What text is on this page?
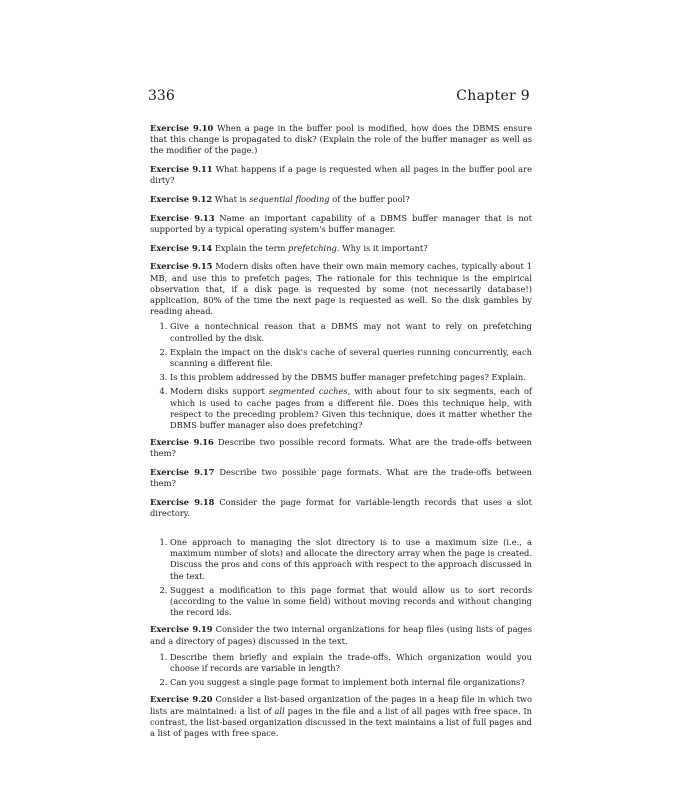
336	Chapter 9

Exercise 9.10 When a page in the buffer pool is modified, how does the DBMS ensure that this change is propagated to disk? (Explain the role of the buffer manager as well as the modifier of the page.)

Exercise 9.11 What happens if a page is requested when all pages in the buffer pool are dirty?

Exercise 9.12 What is sequential flooding of the buffer pool?

Exercise 9.13 Name an important capability of a DBMS buffer manager that is not supported by a typical operating system's buffer manager.

Exercise 9.14 Explain the term prefetching. Why is it important?

Exercise 9.15 Modern disks often have their own main memory caches, typically about 1 MB, and use this to prefetch pages. The rationale for this technique is the empirical observation that, if a disk page is requested by some (not necessarily database!) application, 80% of the time the next page is requested as well. So the disk gambles by reading ahead.

1. Give a nontechnical reason that a DBMS may not want to rely on prefetching controlled by the disk.
2. Explain the impact on the disk's cache of several queries running concurrently, each scanning a different file.
3. Is this problem addressed by the DBMS buffer manager prefetching pages? Explain.
4. Modern disks support segmented caches, with about four to six segments, each of which is used to cache pages from a different file. Does this technique help, with respect to the preceding problem? Given this technique, does it matter whether the DBMS buffer manager also does prefetching?

Exercise 9.16 Describe two possible record formats. What are the trade-offs between them?

Exercise 9.17 Describe two possible page formats. What are the trade-offs between them?

Exercise 9.18 Consider the page format for variable-length records that uses a slot directory.

1. One approach to managing the slot directory is to use a maximum size (i.e., a maximum number of slots) and allocate the directory array when the page is created. Discuss the pros and cons of this approach with respect to the approach discussed in the text.
2. Suggest a modification to this page format that would allow us to sort records (according to the value in some field) without moving records and without changing the record ids.

Exercise 9.19 Consider the two internal organizations for heap files (using lists of pages and a directory of pages) discussed in the text.

1. Describe them briefly and explain the trade-offs. Which organization would you choose if records are variable in length?
2. Can you suggest a single page format to implement both internal file organizations?

Exercise 9.20 Consider a list-based organization of the pages in a heap file in which two lists are maintained: a list of all pages in the file and a list of all pages with free space. In contrast, the list-based organization discussed in the text maintains a list of full pages and a list of pages with free space.
